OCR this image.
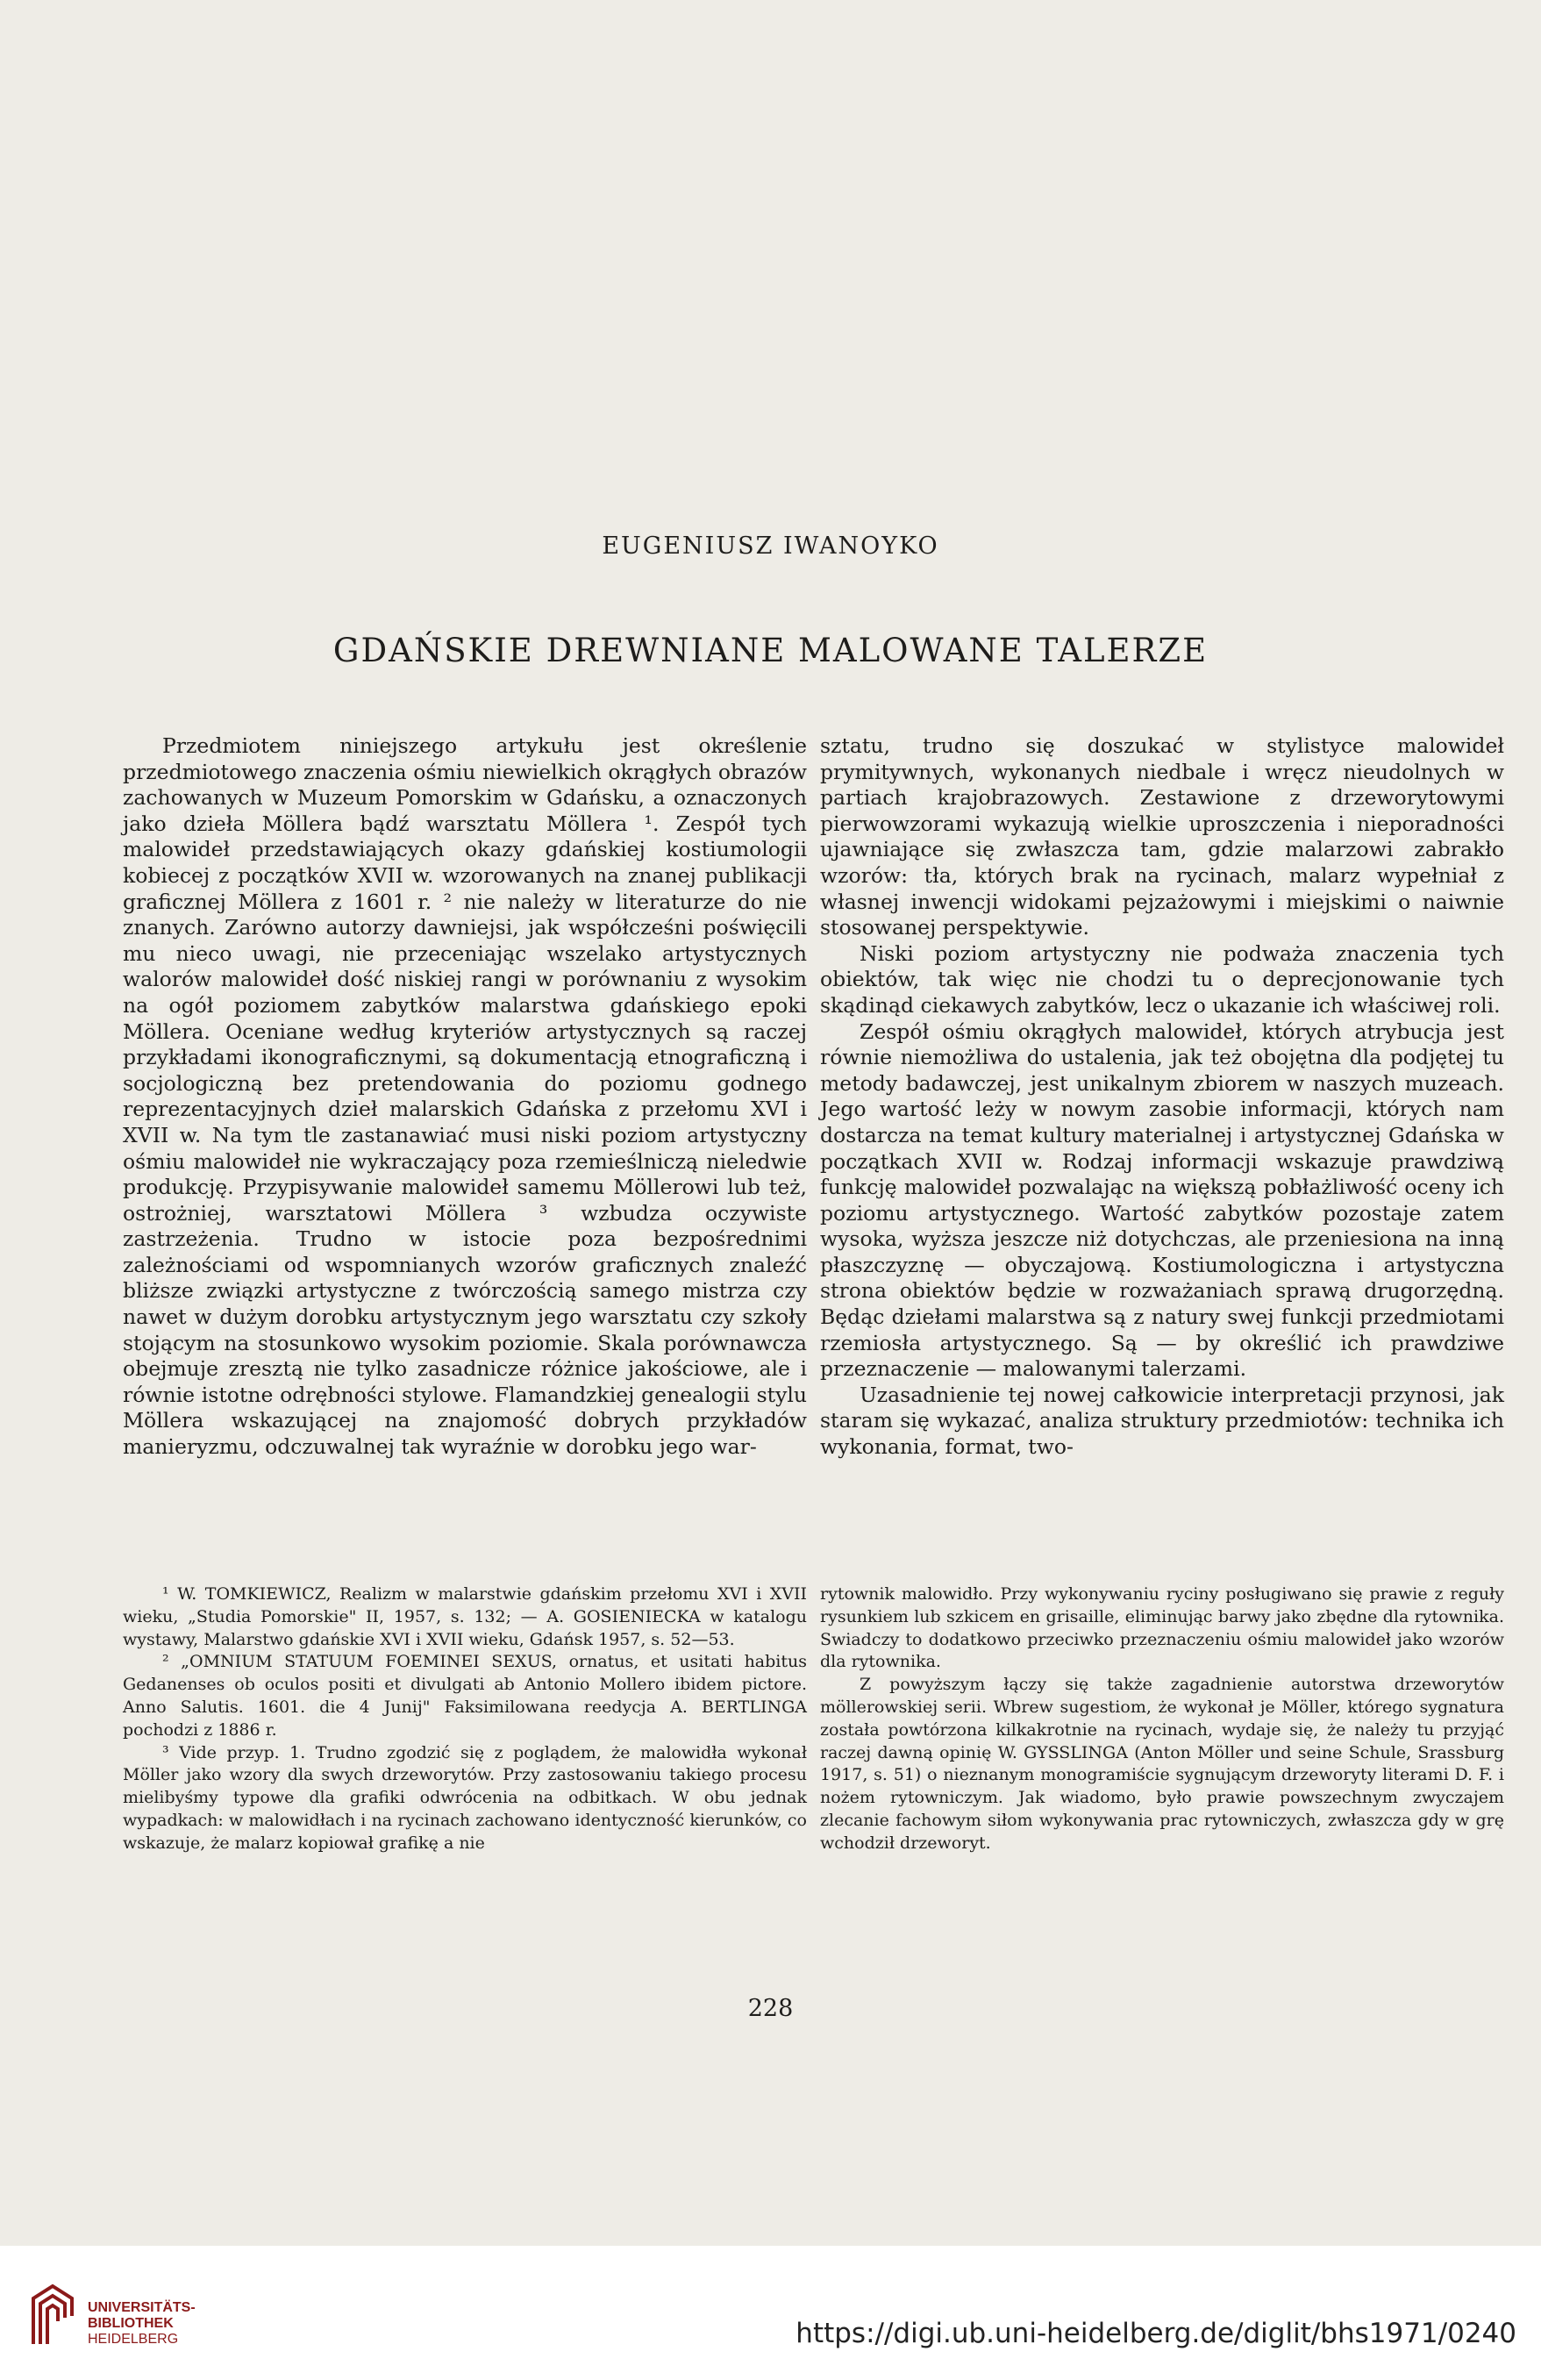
EUGENIUSZ IWANOYKO
GDAŃSKIE DREWNIANE MALOWANE TALERZE

Przedmiotem niniejszego artykułu jest określenie przedmiotowego znaczenia ośmiu niewielkich okrągłych obrazów zachowanych w Muzeum Pomorskim w Gdańsku, a oznaczonych jako dzieła Möllera bądź warsztatu Möllera ¹. Zespół tych malowideł przedstawiających okazy gdańskiej kostiumologii kobiecej z początków XVII w. wzorowanych na znanej publikacji graficznej Möllera z 1601 r. ² nie należy w literaturze do nie znanych. Zarówno autorzy dawniejsi, jak współcześni poświęcili mu nieco uwagi, nie przeceniając wszelako artystycznych walorów malowideł dość niskiej rangi w porównaniu z wysokim na ogół poziomem zabytków malarstwa gdańskiego epoki Möllera. Oceniane według kryteriów artystycznych są raczej przykładami ikonograficznymi, są dokumentacją etnograficzną i socjologiczną bez pretendowania do poziomu godnego reprezentacyjnych dzieł malarskich Gdańska z przełomu XVI i XVII w. Na tym tle zastanawiać musi niski poziom artystyczny ośmiu malowideł nie wykraczający poza rzemieślniczą nieledwie produkcję. Przypisywanie malowideł samemu Möllerowi lub też, ostrożniej, warsztatowi Möllera ³ wzbudza oczywiste zastrzeżenia. Trudno w istocie poza bezpośrednimi zależnościami od wspomnianych wzorów graficznych znaleźć bliższe związki artystyczne z twórczością samego mistrza czy nawet w dużym dorobku artystycznym jego warsztatu czy szkoły stojącym na stosunkowo wysokim poziomie. Skala porównawcza obejmuje zresztą nie tylko zasadnicze różnice jakościowe, ale i równie istotne odrębności stylowe. Flamandzkiej genealogii stylu Möllera wskazującej na znajomość dobrych przykładów manieryzmu, odczuwalnej tak wyraźnie w dorobku jego war-

sztatu, trudno się doszukać w stylistyce malowideł prymitywnych, wykonanych niedbale i wręcz nieudolnych w partiach krajobrazowych. Zestawione z drzeworytowymi pierwowzorami wykazują wielkie uproszczenia i nieporadności ujawniające się zwłaszcza tam, gdzie malarzowi zabrakło wzorów: tła, których brak na rycinach, malarz wypełniał z własnej inwencji widokami pejzażowymi i miejskimi o naiwnie stosowanej perspektywie.

Niski poziom artystyczny nie podważa znaczenia tych obiektów, tak więc nie chodzi tu o deprecjonowanie tych skądinąd ciekawych zabytków, lecz o ukazanie ich właściwej roli.

Zespół ośmiu okrągłych malowideł, których atrybucja jest równie niemożliwa do ustalenia, jak też obojętna dla podjętej tu metody badawczej, jest unikalnym zbiorem w naszych muzeach. Jego wartość leży w nowym zasobie informacji, których nam dostarcza na temat kultury materialnej i artystycznej Gdańska w początkach XVII w. Rodzaj informacji wskazuje prawdziwą funkcję malowideł pozwalając na większą pobłażliwość oceny ich poziomu artystycznego. Wartość zabytków pozostaje zatem wysoka, wyższa jeszcze niż dotychczas, ale przeniesiona na inną płaszczyznę — obyczajową. Kostiumologiczna i artystyczna strona obiektów będzie w rozważaniach sprawą drugorzędną. Będąc dziełami malarstwa są z natury swej funkcji przedmiotami rzemiosła artystycznego. Są — by określić ich prawdziwe przeznaczenie — malowanymi talerzami.

Uzasadnienie tej nowej całkowicie interpretacji przynosi, jak staram się wykazać, analiza struktury przedmiotów: technika ich wykonania, format, two-

¹ W. TOMKIEWICZ, Realizm w malarstwie gdańskim przełomu XVI i XVII wieku, „Studia Pomorskie" II, 1957, s. 132; — A. GOSIENIECKA w katalogu wystawy, Malarstwo gdańskie XVI i XVII wieku, Gdańsk 1957, s. 52—53.

² „OMNIUM STATUUM FOEMINEI SEXUS, ornatus, et usitati habitus Gedanenses ob oculos positi et divulgati ab Antonio Mollero ibidem pictore. Anno Salutis. 1601. die 4 Junij" Faksimilowana reedycja A. BERTLINGA pochodzi z 1886 r.

³ Vide przyp. 1. Trudno zgodzić się z poglądem, że malowidła wykonał Möller jako wzory dla swych drzeworytów. Przy zastosowaniu takiego procesu mielibyśmy typowe dla grafiki odwrócenia na odbitkach. W obu jednak wypadkach: w malowidłach i na rycinach zachowano identyczność kierunków, co wskazuje, że malarz kopiował grafikę a nie

rytownik malowidło. Przy wykonywaniu ryciny posługiwano się prawie z reguły rysunkiem lub szkicem en grisaille, eliminując barwy jako zbędne dla rytownika. Swiadczy to dodatkowo przeciwko przeznaczeniu ośmiu malowideł jako wzorów dla rytownika.

Z powyższym łączy się także zagadnienie autorstwa drzeworytów möllerowskiej serii. Wbrew sugestiom, że wykonał je Möller, którego sygnatura została powtórzona kilkakrotnie na rycinach, wydaje się, że należy tu przyjąć raczej dawną opinię W. GYSSLINGA (Anton Möller und seine Schule, Srassburg 1917, s. 51) o nieznanym monogramiście sygnującym drzeworyty literami D. F. i nożem rytowniczym. Jak wiadomo, było prawie powszechnym zwyczajem zlecanie fachowym siłom wykonywania prac rytowniczych, zwłaszcza gdy w grę wchodził drzeworyt.

228
UNIVERSITÄTS-
BIBLIOTHEK
HEIDELBERG	https://digi.ub.uni-heidelberg.de/diglit/bhs1971/0240
